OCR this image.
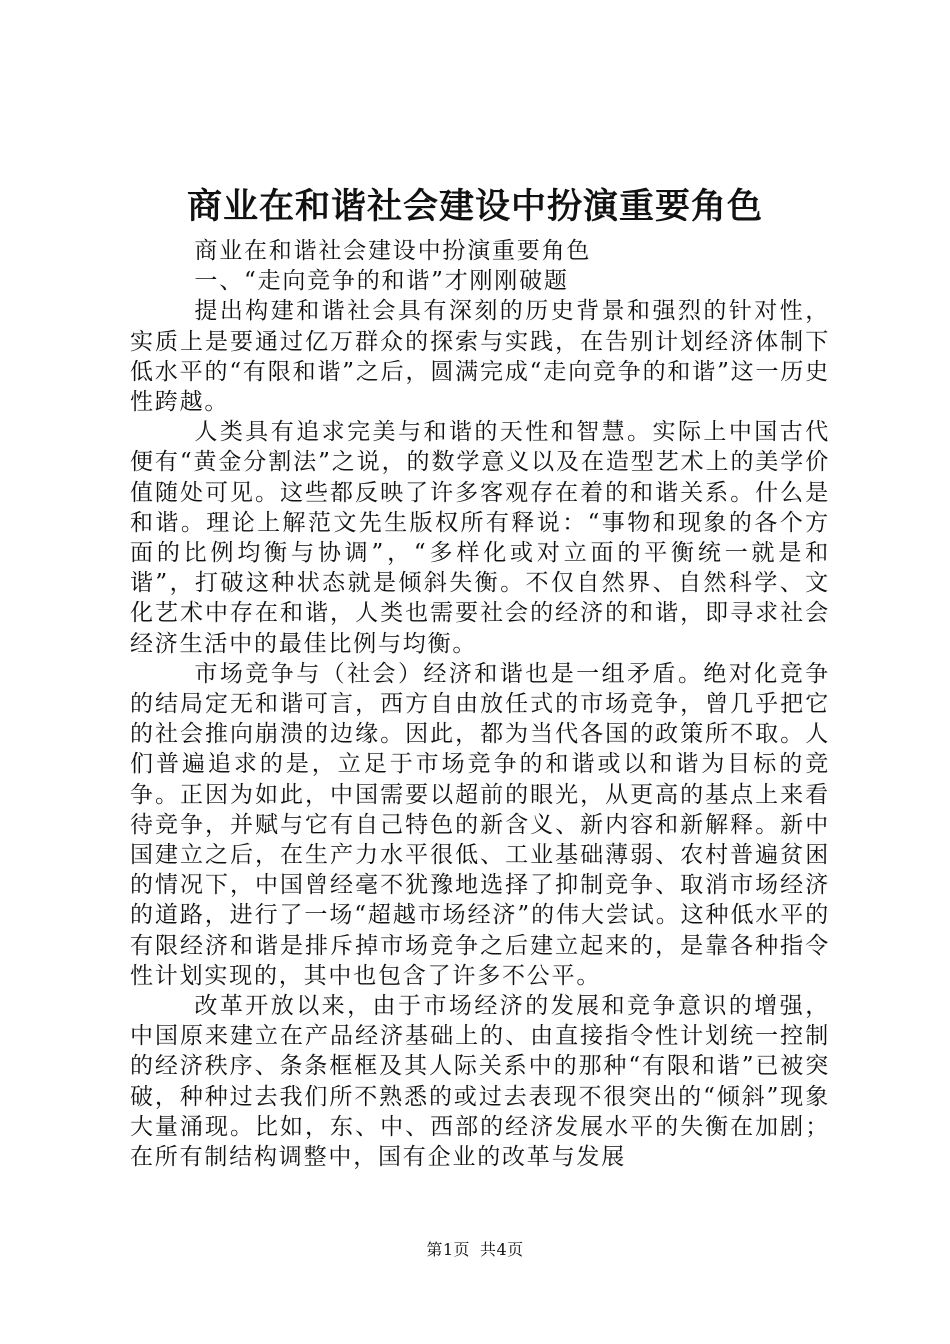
商业在和谐社会建设中扮演重要角色

商业在和谐社会建设中扮演重要角色

一、“走向竞争的和谐”才刚刚破题

提出构建和谐社会具有深刻的历史背景和强烈的针对性，实质上是要通过亿万群众的探索与实践，在告别计划经济体制下低水平的“有限和谐”之后，圆满完成“走向竞争的和谐”这一历史性跨越。

人类具有追求完美与和谐的天性和智慧。实际上中国古代便有“黄金分割法”之说，的数学意义以及在造型艺术上的美学价值随处可见。这些都反映了许多客观存在着的和谐关系。什么是和谐。理论上解范文先生版权所有释说：“事物和现象的各个方面的比例均衡与协调”，“多样化或对立面的平衡统一就是和谐”，打破这种状态就是倾斜失衡。不仅自然界、自然科学、文化艺术中存在和谐，人类也需要社会的经济的和谐，即寻求社会经济生活中的最佳比例与均衡。

市场竞争与（社会）经济和谐也是一组矛盾。绝对化竞争的结局定无和谐可言，西方自由放任式的市场竞争，曾几乎把它的社会推向崩溃的边缘。因此，都为当代各国的政策所不取。人们普遍追求的是，立足于市场竞争的和谐或以和谐为目标的竞争。正因为如此，中国需要以超前的眼光，从更高的基点上来看待竞争，并赋与它有自己特色的新含义、新内容和新解释。新中国建立之后，在生产力水平很低、工业基础薄弱、农村普遍贫困的情况下，中国曾经毫不犹豫地选择了抑制竞争、取消市场经济的道路，进行了一场“超越市场经济”的伟大尝试。这种低水平的有限经济和谐是排斥掉市场竞争之后建立起来的，是靠各种指令性计划实现的，其中也包含了许多不公平。

改革开放以来，由于市场经济的发展和竞争意识的增强，中国原来建立在产品经济基础上的、由直接指令性计划统一控制的经济秩序、条条框框及其人际关系中的那种“有限和谐”已被突破，种种过去我们所不熟悉的或过去表现不很突出的“倾斜”现象大量涌现。比如，东、中、西部的经济发展水平的失衡在加剧；在所有制结构调整中，国有企业的改革与发展

第1页 共4页
